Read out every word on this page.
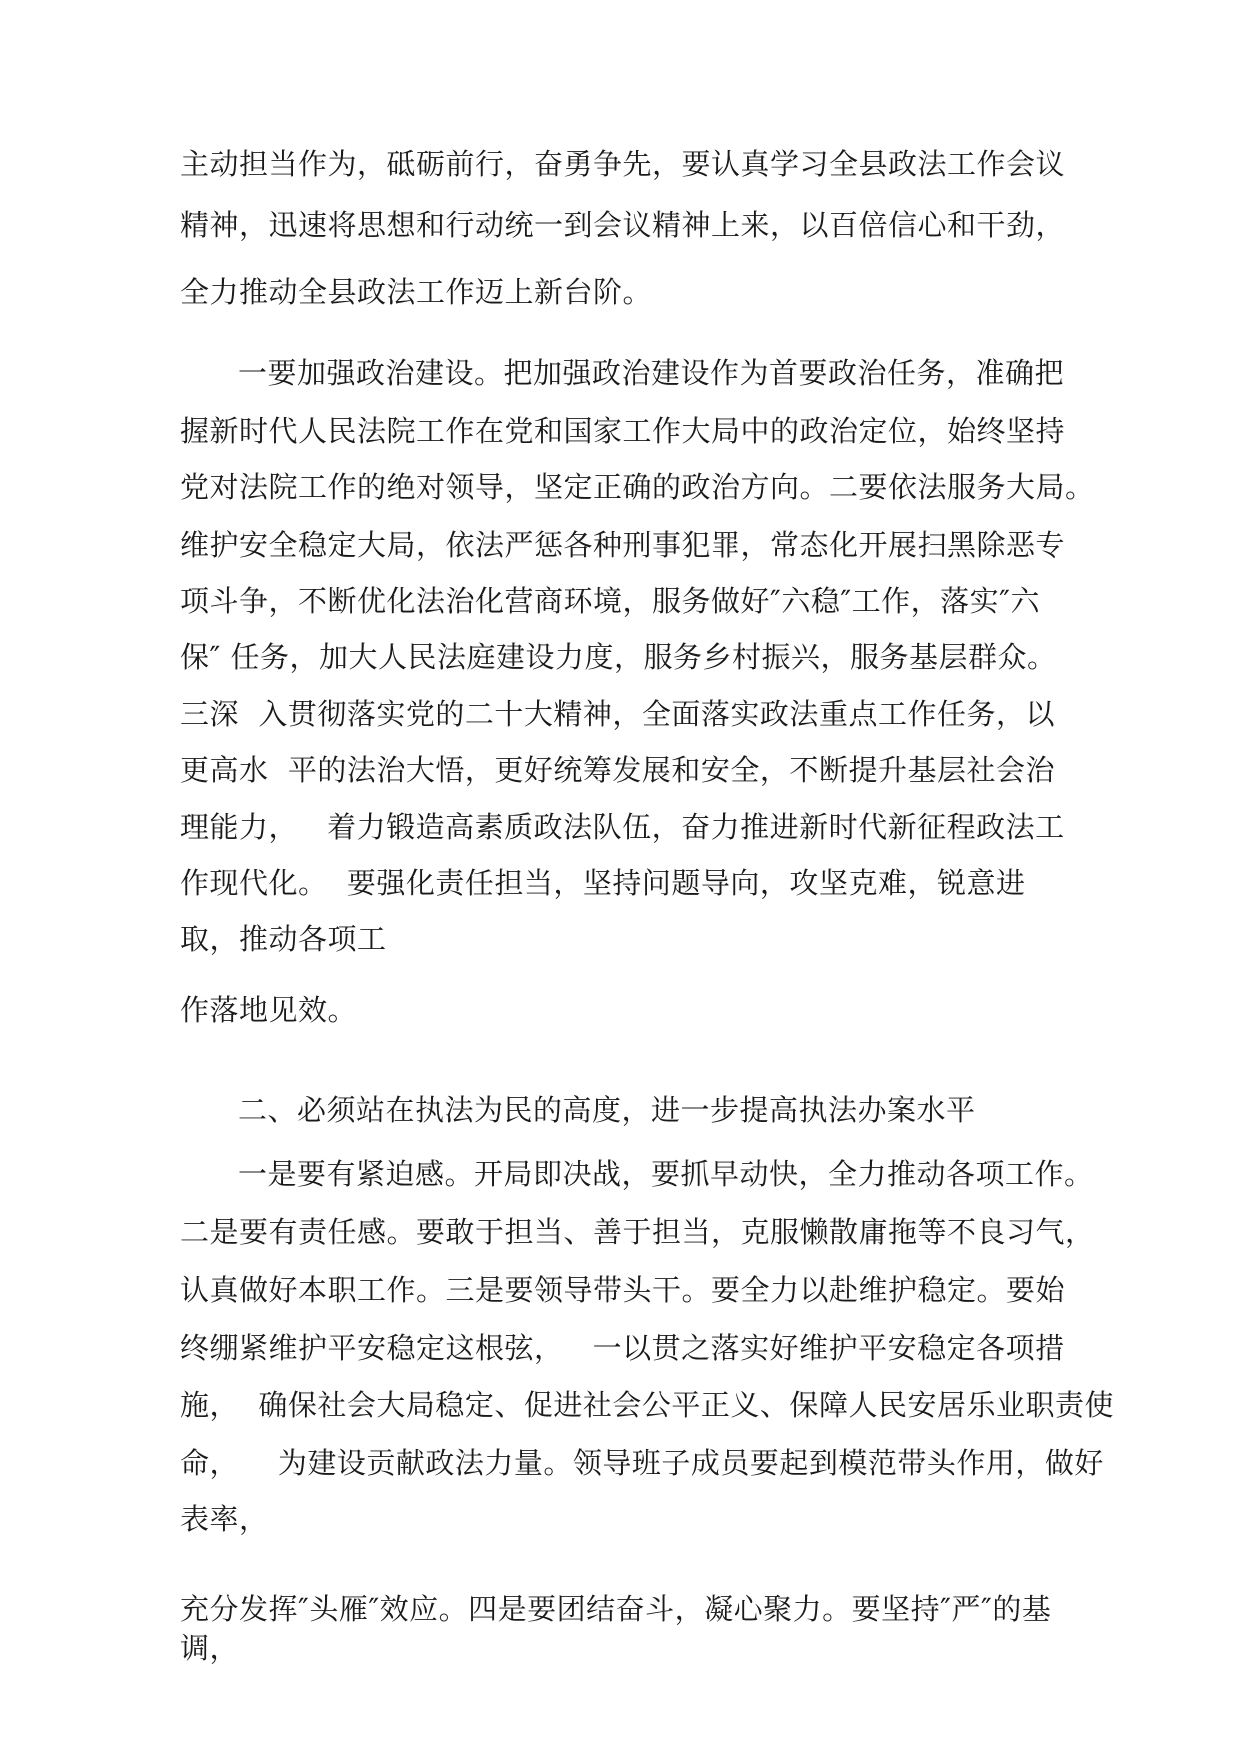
主动担当作为，砥砺前行，奋勇争先，要认真学习全县政法工作会议
精神，迅速将思想和行动统一到会议精神上来，以百倍信心和干劲，
全力推动全县政法工作迈上新台阶。
一要加强政治建设。把加强政治建设作为首要政治任务，准确把
握新时代人民法院工作在党和国家工作大局中的政治定位，始终坚持
党对法院工作的绝对领导，坚定正确的政治方向。二要依法服务大局。
维护安全稳定大局，依法严惩各种刑事犯罪，常态化开展扫黑除恶专
项斗争，不断优化法治化营商环境，服务做好″六稳″工作，落实″六
保″ 任务，加大人民法庭建设力度，服务乡村振兴，服务基层群众。
三深  入贯彻落实党的二十大精神，全面落实政法重点工作任务，以
更高水  平的法治大悟，更好统筹发展和安全，不断提升基层社会治
理能力，   着力锻造高素质政法队伍，奋力推进新时代新征程政法工
作现代化。  要强化责任担当，坚持问题导向，攻坚克难，锐意进
取，推动各项工
作落地见效。
二、必须站在执法为民的高度，进一步提高执法办案水平
一是要有紧迫感。开局即决战，要抓早动快，全力推动各项工作。
二是要有责任感。要敢于担当、善于担当，克服懒散庸拖等不良习气，
认真做好本职工作。三是要领导带头干。要全力以赴维护稳定。要始
终绷紧维护平安稳定这根弦，   一以贯之落实好维护平安稳定各项措
施，  确保社会大局稳定、促进社会公平正义、保障人民安居乐业职责使
命，    为建设贡献政法力量。领导班子成员要起到模范带头作用，做好
表率，
充分发挥″头雁″效应。四是要团结奋斗，凝心聚力。要坚持″严″的基
调，
